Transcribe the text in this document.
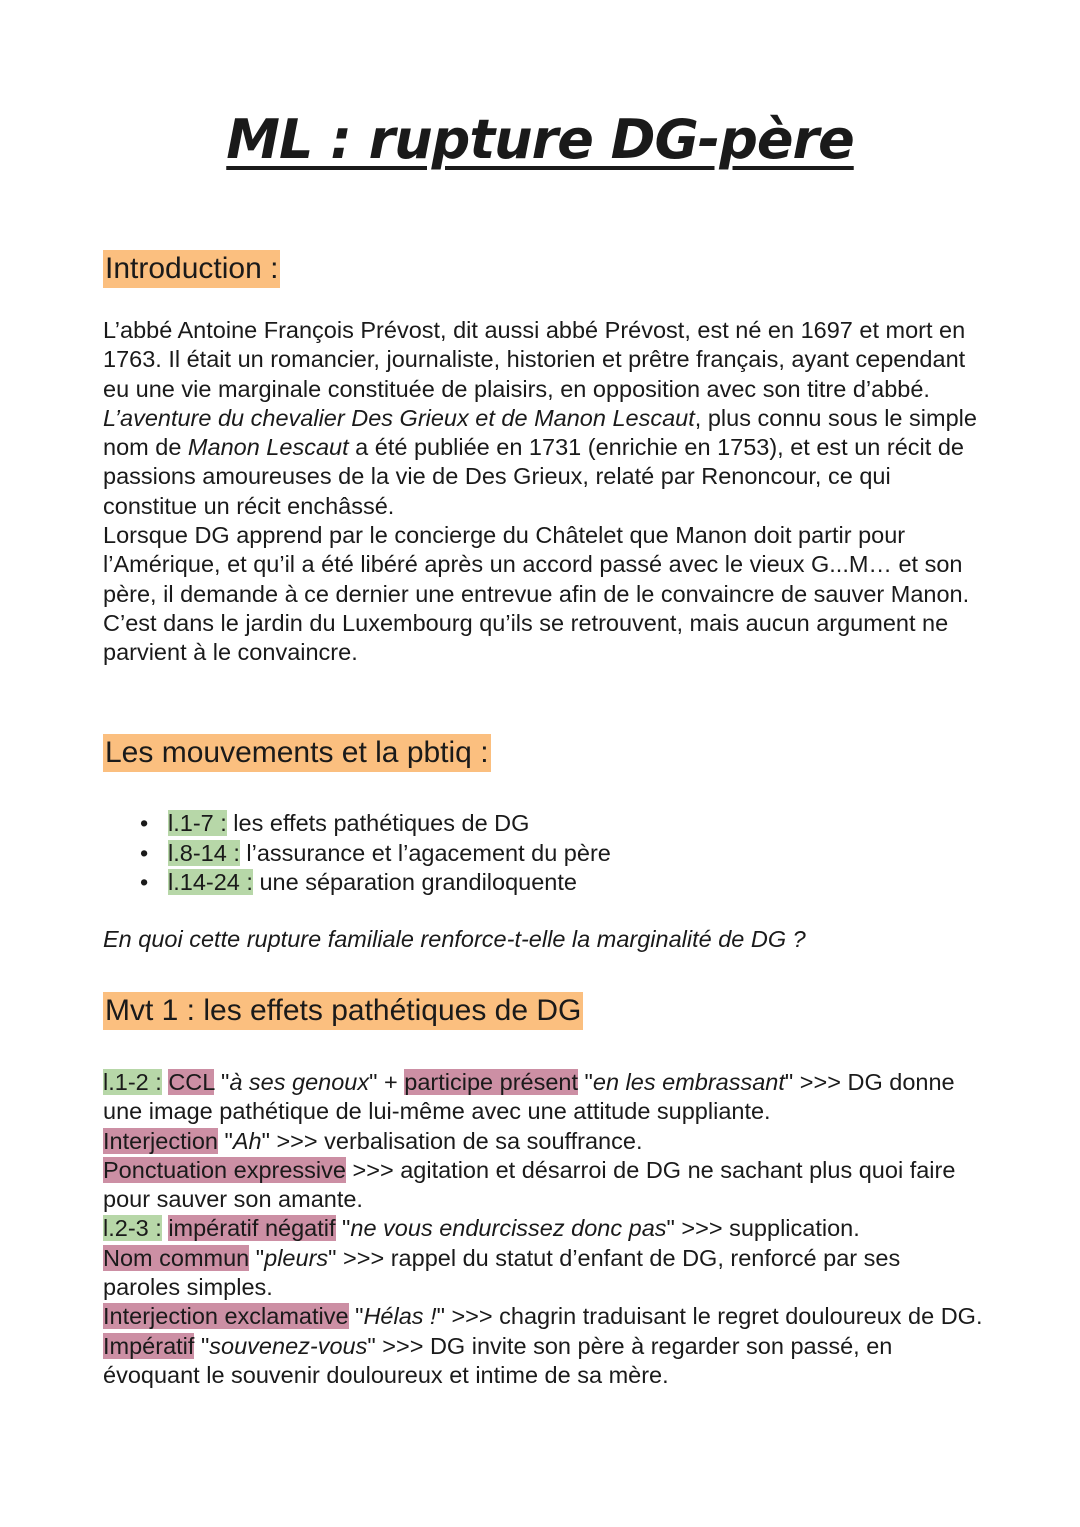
ML : rupture DG-père
Introduction :

L’abbé Antoine François Prévost, dit aussi abbé Prévost, est né en 1697 et mort en 1763. Il était un romancier, journaliste, historien et prêtre français, ayant cependant eu une vie marginale constituée de plaisirs, en opposition avec son titre d’abbé.

L’aventure du chevalier Des Grieux et de Manon Lescaut, plus connu sous le simple nom de Manon Lescaut a été publiée en 1731 (enrichie en 1753), et est un récit de passions amoureuses de la vie de Des Grieux, relaté par Renoncour, ce qui constitue un récit enchâssé.

Lorsque DG apprend par le concierge du Châtelet que Manon doit partir pour l’Amérique, et qu’il a été libéré après un accord passé avec le vieux G...M… et son père, il demande à ce dernier une entrevue afin de le convaincre de sauver Manon. C’est dans le jardin du Luxembourg qu’ils se retrouvent, mais aucun argument ne parvient à le convaincre.

Les mouvements et la pbtiq :
• l.1-7 : les effets pathétiques de DG
• l.8-14 : l’assurance et l’agacement du père
• l.14-24 : une séparation grandiloquente
En quoi cette rupture familiale renforce-t-elle la marginalité de DG ?
Mvt 1 : les effets pathétiques de DG

l.1-2 : CCL "à ses genoux" + participe présent "en les embrassant" >>> DG donne une image pathétique de lui-même avec une attitude suppliante.

Interjection "Ah" >>> verbalisation de sa souffrance.

Ponctuation expressive >>> agitation et désarroi de DG ne sachant plus quoi faire pour sauver son amante.

l.2-3 : impératif négatif "ne vous endurcissez donc pas" >>> supplication.

Nom commun "pleurs" >>> rappel du statut d’enfant de DG, renforcé par ses paroles simples.

Interjection exclamative "Hélas !" >>> chagrin traduisant le regret douloureux de DG.

Impératif "souvenez-vous" >>> DG invite son père à regarder son passé, en évoquant le souvenir douloureux et intime de sa mère.
